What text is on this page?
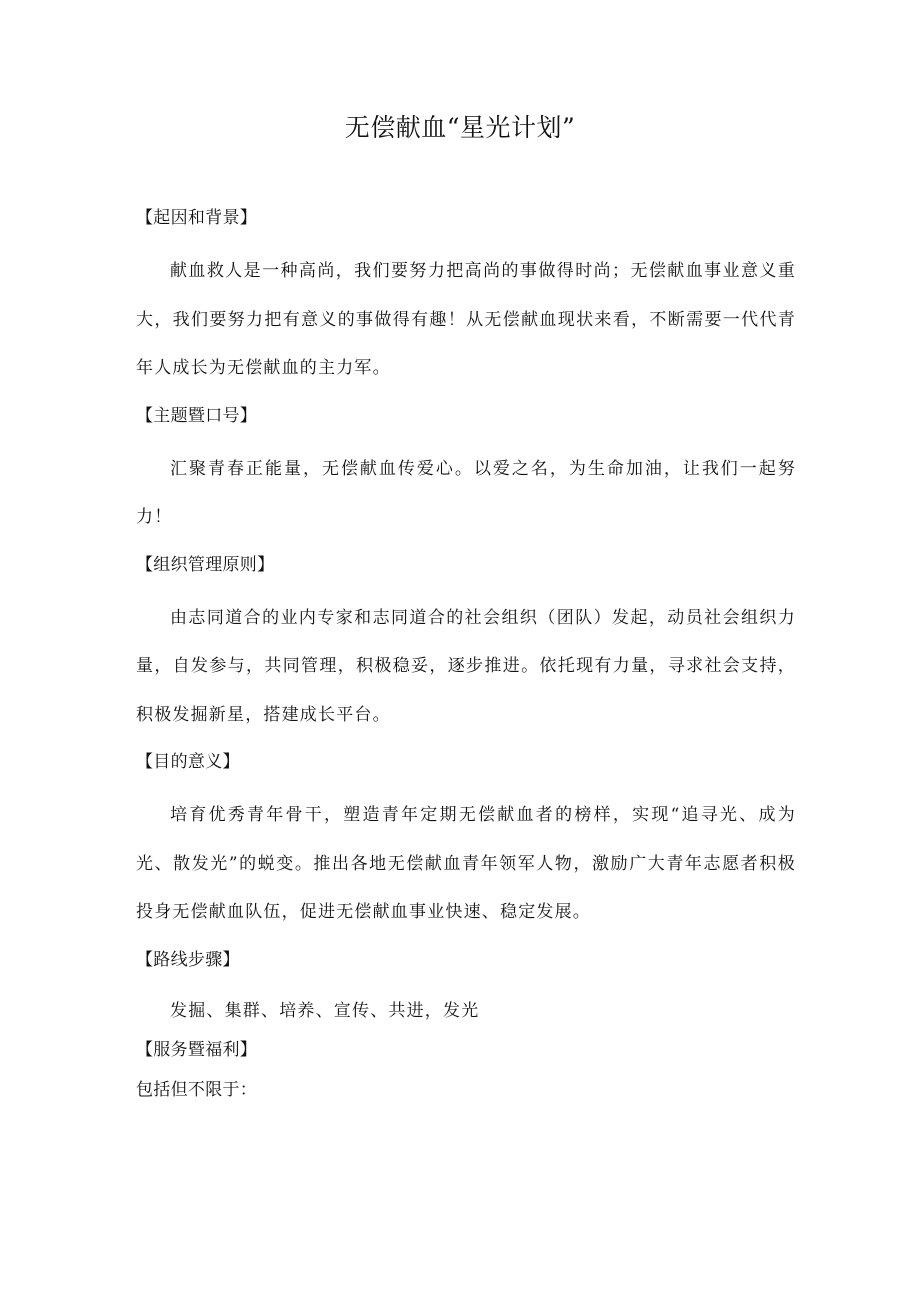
无偿献血“星光计划”
【起因和背景】

献血救人是一种高尚，我们要努力把高尚的事做得时尚；无偿献血事业意义重大，我们要努力把有意义的事做得有趣！从无偿献血现状来看，不断需要一代代青年人成长为无偿献血的主力军。

【主题暨口号】

汇聚青春正能量，无偿献血传爱心。以爱之名，为生命加油，让我们一起努力！

【组织管理原则】

由志同道合的业内专家和志同道合的社会组织（团队）发起，动员社会组织力量，自发参与，共同管理，积极稳妥，逐步推进。依托现有力量，寻求社会支持，积极发掘新星，搭建成长平台。

【目的意义】

培育优秀青年骨干，塑造青年定期无偿献血者的榜样，实现“追寻光、成为光、散发光”的蜕变。推出各地无偿献血青年领军人物，激励广大青年志愿者积极投身无偿献血队伍，促进无偿献血事业快速、稳定发展。

【路线步骤】

发掘、集群、培养、宣传、共进，发光

【服务暨福利】

包括但不限于：
